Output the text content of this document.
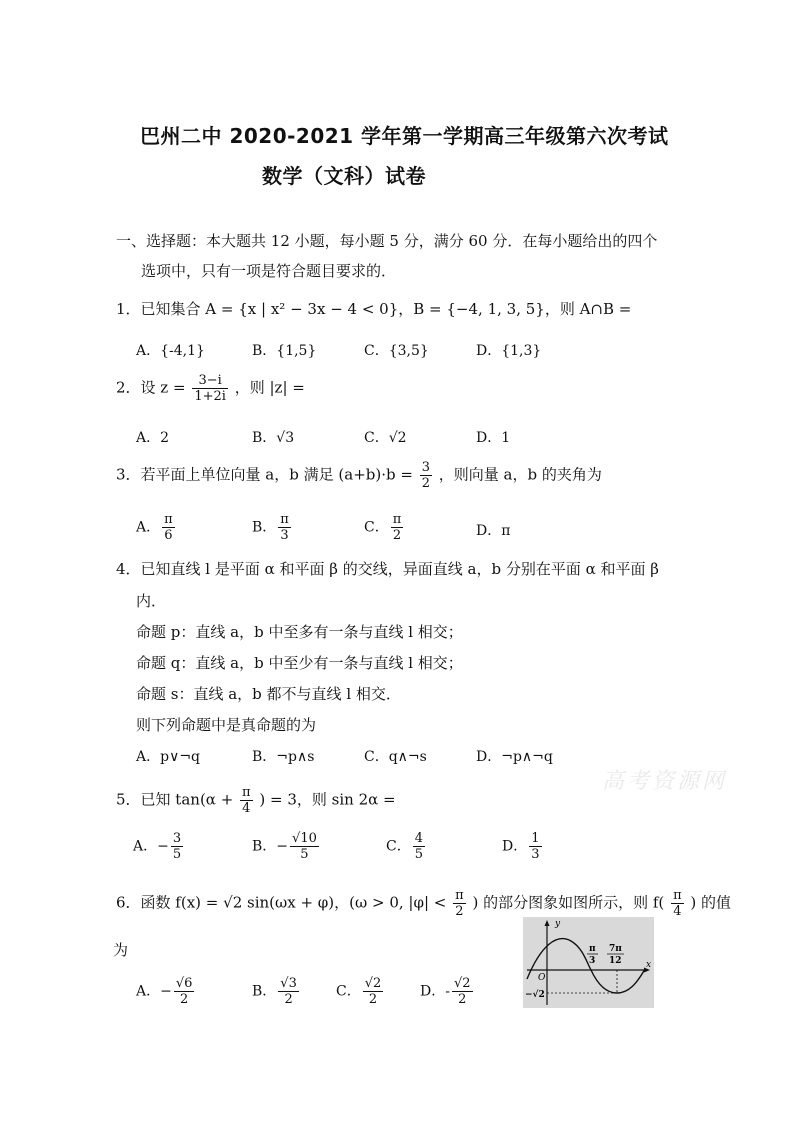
巴州二中 2020-2021 学年第一学期高三年级第六次考试
数学（文科）试卷
一、选择题：本大题共 12 小题，每小题 5 分，满分 60 分．在每小题给出的四个
选项中，只有一项是符合题目要求的．
1．已知集合 A = {x | x² − 3x − 4 < 0}，B = {−4, 1, 3, 5}，则 A∩B =
A．{-4,1}	B．{1,5}	C．{3,5}	D．{1,3}
2．设 $z = \frac{3-i}{1+2i}$ ，则 |z| =
A．2	B．√3	C．√2	D．1
3．若平面上单位向量 a，b 满足 $(a+b)\cdot b = \frac{3}{2}$ ，则向量 a，b 的夹角为
A． $\frac{\pi}{6}$	B． $\frac{\pi}{3}$	C． $\frac{\pi}{2}$	D．π
4．已知直线 l 是平面 α 和平面 β 的交线，异面直线 a，b 分别在平面 α 和平面 β
内．
命题 p：直线 a，b 中至多有一条与直线 l 相交；
命题 q：直线 a，b 中至少有一条与直线 l 相交；
命题 s：直线 a，b 都不与直线 l 相交．
则下列命题中是真命题的为
A．p∨¬q	B．¬p∧s	C．q∧¬s	D．¬p∧¬q
高考资源网
5．已知 $\tan(\alpha + \frac{\pi}{4}$ ) = 3，则 sin 2α =
A．− $\frac{3}{5}$	B．− $\frac{√10}{5}$	C． $\frac{4}{5}$	D． $\frac{1}{3}$
6．函数 f(x) = √2 sin(ωx + φ)，(ω > 0, $|\varphi| < \frac{\pi}{2}$ ) 的部分图象如图所示，则 $f( \frac{\pi}{4}$ ) 的值
为
A．− $\frac{√6}{2}$	B． $\frac{√3}{2}$	C． $\frac{√2}{2}$	D．- $\frac{√2}{2}$
y
x
O
π
3
7π
12
−√2
